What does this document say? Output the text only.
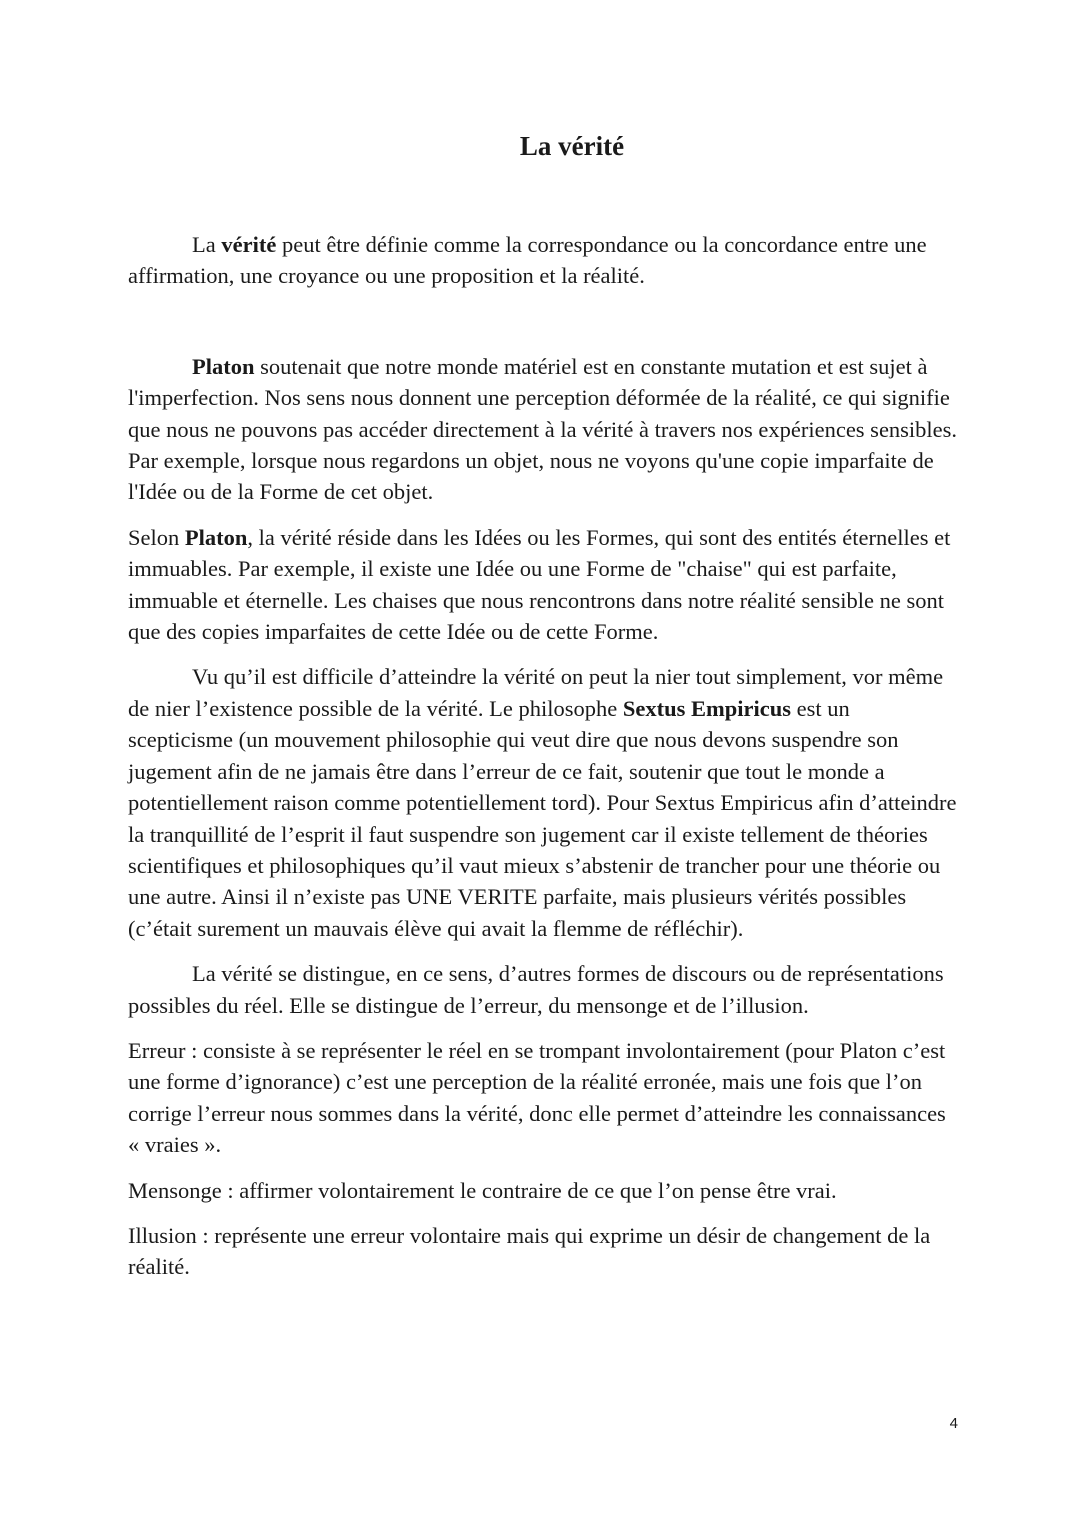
La vérité

La vérité peut être définie comme la correspondance ou la concordance entre une affirmation, une croyance ou une proposition et la réalité.

Platon soutenait que notre monde matériel est en constante mutation et est sujet à l'imperfection. Nos sens nous donnent une perception déformée de la réalité, ce qui signifie que nous ne pouvons pas accéder directement à la vérité à travers nos expériences sensibles. Par exemple, lorsque nous regardons un objet, nous ne voyons qu'une copie imparfaite de l'Idée ou de la Forme de cet objet.

Selon Platon, la vérité réside dans les Idées ou les Formes, qui sont des entités éternelles et immuables. Par exemple, il existe une Idée ou une Forme de "chaise" qui est parfaite, immuable et éternelle. Les chaises que nous rencontrons dans notre réalité sensible ne sont que des copies imparfaites de cette Idée ou de cette Forme.

Vu qu’il est difficile d’atteindre la vérité on peut la nier tout simplement, vor même de nier l’existence possible de la vérité. Le philosophe Sextus Empiricus est un scepticisme (un mouvement philosophie qui veut dire que nous devons suspendre son jugement afin de ne jamais être dans l’erreur de ce fait, soutenir que tout le monde a potentiellement raison comme potentiellement tord). Pour Sextus Empiricus afin d’atteindre la tranquillité de l’esprit il faut suspendre son jugement car il existe tellement de théories scientifiques et philosophiques qu’il vaut mieux s’abstenir de trancher pour une théorie ou une autre. Ainsi il n’existe pas UNE VERITE parfaite, mais plusieurs vérités possibles (c’était surement un mauvais élève qui avait la flemme de réfléchir).

La vérité se distingue, en ce sens, d’autres formes de discours ou de représentations possibles du réel. Elle se distingue de l’erreur, du mensonge et de l’illusion.

Erreur : consiste à se représenter le réel en se trompant involontairement (pour Platon c’est une forme d’ignorance) c’est une perception de la réalité erronée, mais une fois que l’on corrige l’erreur nous sommes dans la vérité, donc elle permet d’atteindre les connaissances « vraies ».

Mensonge : affirmer volontairement le contraire de ce que l’on pense être vrai.

Illusion : représente une erreur volontaire mais qui exprime un désir de changement de la réalité.

4
